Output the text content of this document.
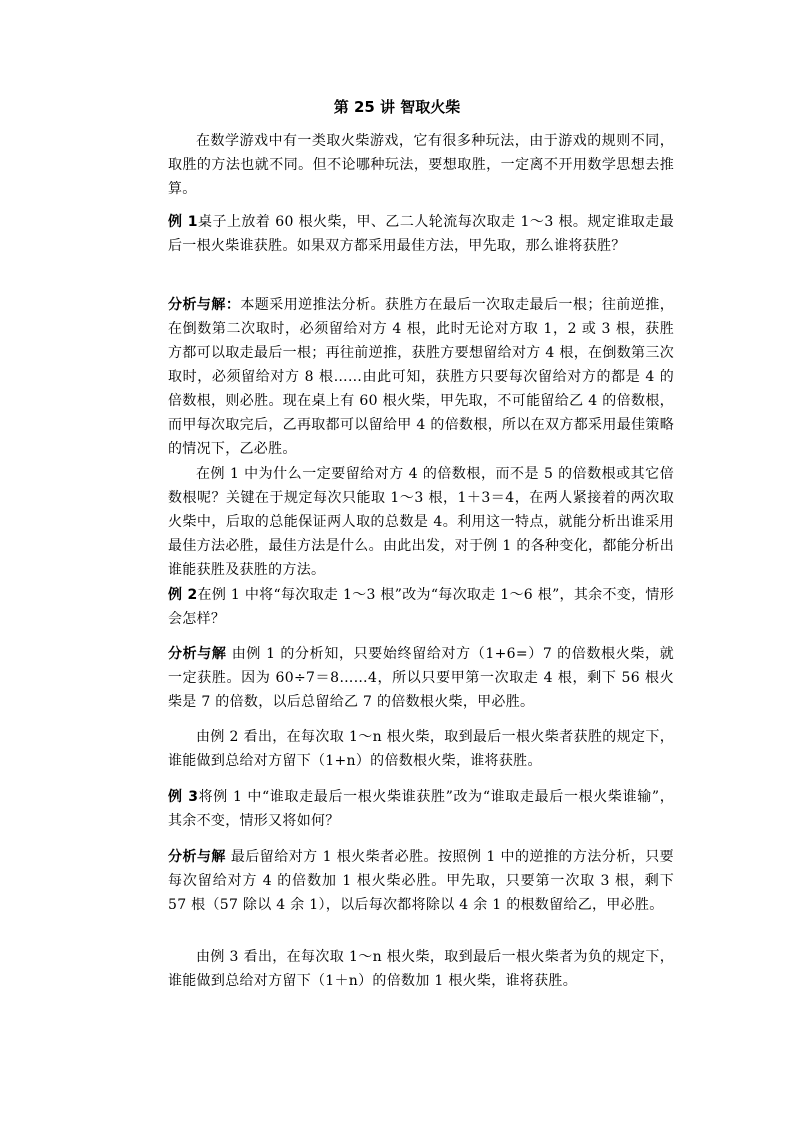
第 25 讲 智取火柴

在数学游戏中有一类取火柴游戏，它有很多种玩法，由于游戏的规则不同，取胜的方法也就不同。但不论哪种玩法，要想取胜，一定离不开用数学思想去推算。

例 1桌子上放着 60 根火柴，甲、乙二人轮流每次取走 1～3 根。规定谁取走最后一根火柴谁获胜。如果双方都采用最佳方法，甲先取，那么谁将获胜？

分析与解：本题采用逆推法分析。获胜方在最后一次取走最后一根；往前逆推，在倒数第二次取时，必须留给对方 4 根，此时无论对方取 1，2 或 3 根，获胜方都可以取走最后一根；再往前逆推，获胜方要想留给对方 4 根，在倒数第三次取时，必须留给对方 8 根……由此可知，获胜方只要每次留给对方的都是 4 的倍数根，则必胜。现在桌上有 60 根火柴，甲先取，不可能留给乙 4 的倍数根，而甲每次取完后，乙再取都可以留给甲 4 的倍数根，所以在双方都采用最佳策略的情况下，乙必胜。

在例 1 中为什么一定要留给对方 4 的倍数根，而不是 5 的倍数根或其它倍数根呢？关键在于规定每次只能取 1～3 根，1＋3＝4，在两人紧接着的两次取火柴中，后取的总能保证两人取的总数是 4。利用这一特点，就能分析出谁采用最佳方法必胜，最佳方法是什么。由此出发，对于例 1 的各种变化，都能分析出谁能获胜及获胜的方法。

例 2在例 1 中将“每次取走 1～3 根”改为“每次取走 1～6 根”，其余不变，情形会怎样？

分析与解 由例 1 的分析知，只要始终留给对方（1+6=）7 的倍数根火柴，就一定获胜。因为 60÷7＝8……4，所以只要甲第一次取走 4 根，剩下 56 根火柴是 7 的倍数，以后总留给乙 7 的倍数根火柴，甲必胜。

由例 2 看出，在每次取 1～n 根火柴，取到最后一根火柴者获胜的规定下，谁能做到总给对方留下（1+n）的倍数根火柴，谁将获胜。

例 3将例 1 中“谁取走最后一根火柴谁获胜”改为“谁取走最后一根火柴谁输”，其余不变，情形又将如何？

分析与解 最后留给对方 1 根火柴者必胜。按照例 1 中的逆推的方法分析，只要每次留给对方 4 的倍数加 1 根火柴必胜。甲先取，只要第一次取 3 根，剩下 57 根（57 除以 4 余 1），以后每次都将除以 4 余 1 的根数留给乙，甲必胜。

由例 3 看出，在每次取 1～n 根火柴，取到最后一根火柴者为负的规定下，谁能做到总给对方留下（1＋n）的倍数加 1 根火柴，谁将获胜。
